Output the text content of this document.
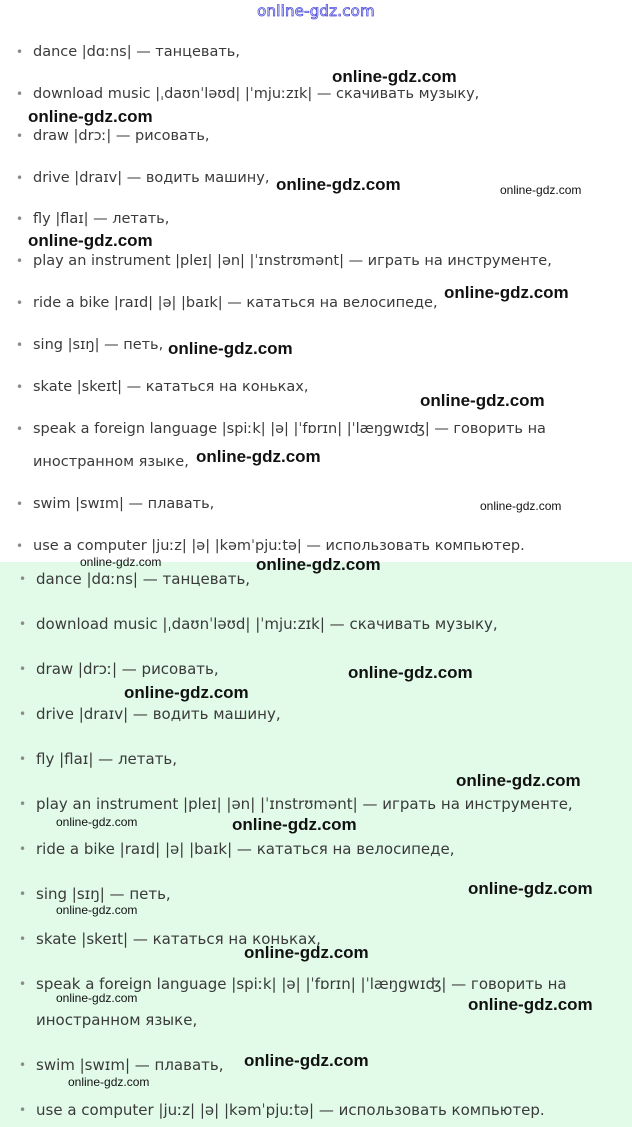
online-gdz.com
• dance |dɑːns| — танцевать,
• download music |ˌdaʊnˈləʊd| |ˈmjuːzɪk| — скачивать музыку,
• draw |drɔː| — рисовать,
• drive |draɪv| — водить машину,
• fly |flaɪ| — летать,
• play an instrument |pleɪ| |ən| |ˈɪnstrʊmənt| — играть на инструменте,
• ride a bike |raɪd| |ə| |baɪk| — кататься на велосипеде,
• sing |sɪŋ| — петь,
• skate |skeɪt| — кататься на коньках,
• speak a foreign language |spiːk| |ə| |ˈfɒrɪn| |ˈlæŋgwɪʤ| — говорить на
иностранном языке,
• swim |swɪm| — плавать,
• use a computer |juːz| |ə| |kəmˈpjuːtə| — использовать компьютер.
• dance |dɑːns| — танцевать,
• download music |ˌdaʊnˈləʊd| |ˈmjuːzɪk| — скачивать музыку,
• draw |drɔː| — рисовать,
• drive |draɪv| — водить машину,
• fly |flaɪ| — летать,
• play an instrument |pleɪ| |ən| |ˈɪnstrʊmənt| — играть на инструменте,
• ride a bike |raɪd| |ə| |baɪk| — кататься на велосипеде,
• sing |sɪŋ| — петь,
• skate |skeɪt| — кататься на коньках,
• speak a foreign language |spiːk| |ə| |ˈfɒrɪn| |ˈlæŋgwɪʤ| — говорить на
иностранном языке,
• swim |swɪm| — плавать,
• use a computer |juːz| |ə| |kəmˈpjuːtə| — использовать компьютер.
online-gdz.com
online-gdz.com
online-gdz.com	online-gdz.com
online-gdz.com
online-gdz.com
online-gdz.com
online-gdz.com
online-gdz.com
online-gdz.com
online-gdz.com	online-gdz.com
online-gdz.com
online-gdz.com
online-gdz.com
online-gdz.com	online-gdz.com
online-gdz.com
online-gdz.com
online-gdz.com
online-gdz.com	online-gdz.com
online-gdz.com
online-gdz.com
